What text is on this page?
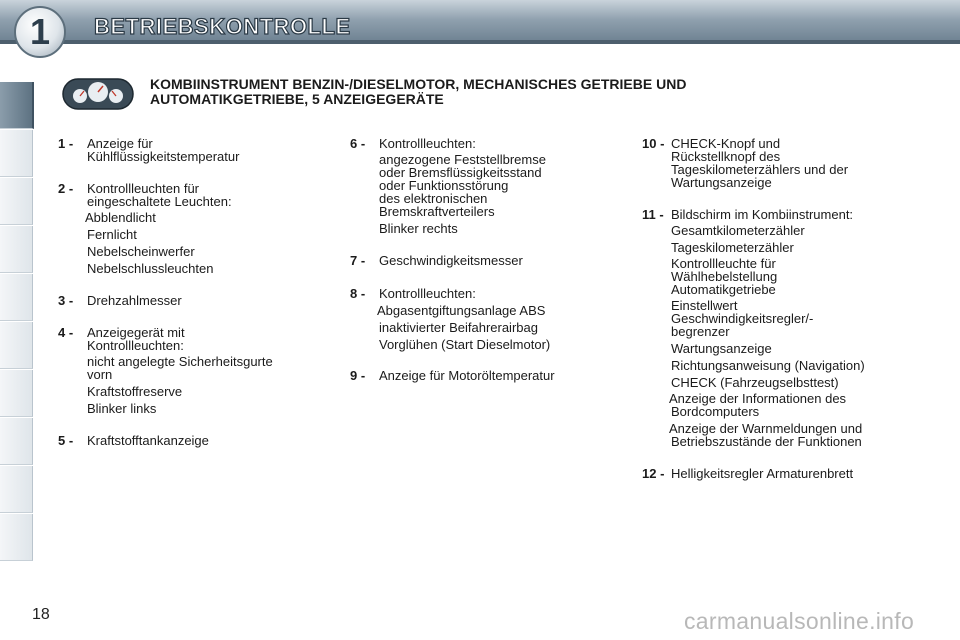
1 BETRIEBSKONTROLLE
KOMBIINSTRUMENT BENZIN-/DIESELMOTOR, MECHANISCHES GETRIEBE UND
AUTOMATIKGETRIEBE, 5 ANZEIGEGERÄTE
1 - Anzeige für
Kühlflüssigkeitstemperatur
2 - Kontrollleuchten für
eingeschaltete Leuchten:
Abblendlicht
Fernlicht
Nebelscheinwerfer
Nebelschlussleuchten
3 - Drehzahlmesser
4 - Anzeigegerät mit
Kontrollleuchten:
nicht angelegte Sicherheitsgurte
vorn
Kraftstoffreserve
Blinker links
5 - Kraftstofftankanzeige
6 - Kontrollleuchten:
angezogene Feststellbremse
oder Bremsflüssigkeitsstand
oder Funktionsstörung
des elektronischen
Bremskraftverteilers
Blinker rechts
7 - Geschwindigkeitsmesser
8 - Kontrollleuchten:
Abgasentgiftungsanlage ABS
inaktivierter Beifahrerairbag
Vorglühen (Start Dieselmotor)
9 - Anzeige für Motoröltemperatur
10 - CHECK-Knopf und
Rückstellknopf des
Tageskilometerzählers und der
Wartungsanzeige
11 - Bildschirm im Kombiinstrument:
Gesamtkilometerzähler
Tageskilometerzähler
Kontrollleuchte für
Wählhebelstellung
Automatikgetriebe
Einstellwert
Geschwindigkeitsregler/-
begrenzer
Wartungsanzeige
Richtungsanweisung (Navigation)
CHECK (Fahrzeugselbsttest)
Anzeige der Informationen des
Bordcomputers
Anzeige der Warnmeldungen und
Betriebszustände der Funktionen
12 - Helligkeitsregler Armaturenbrett
18	carmanualsonline.info
